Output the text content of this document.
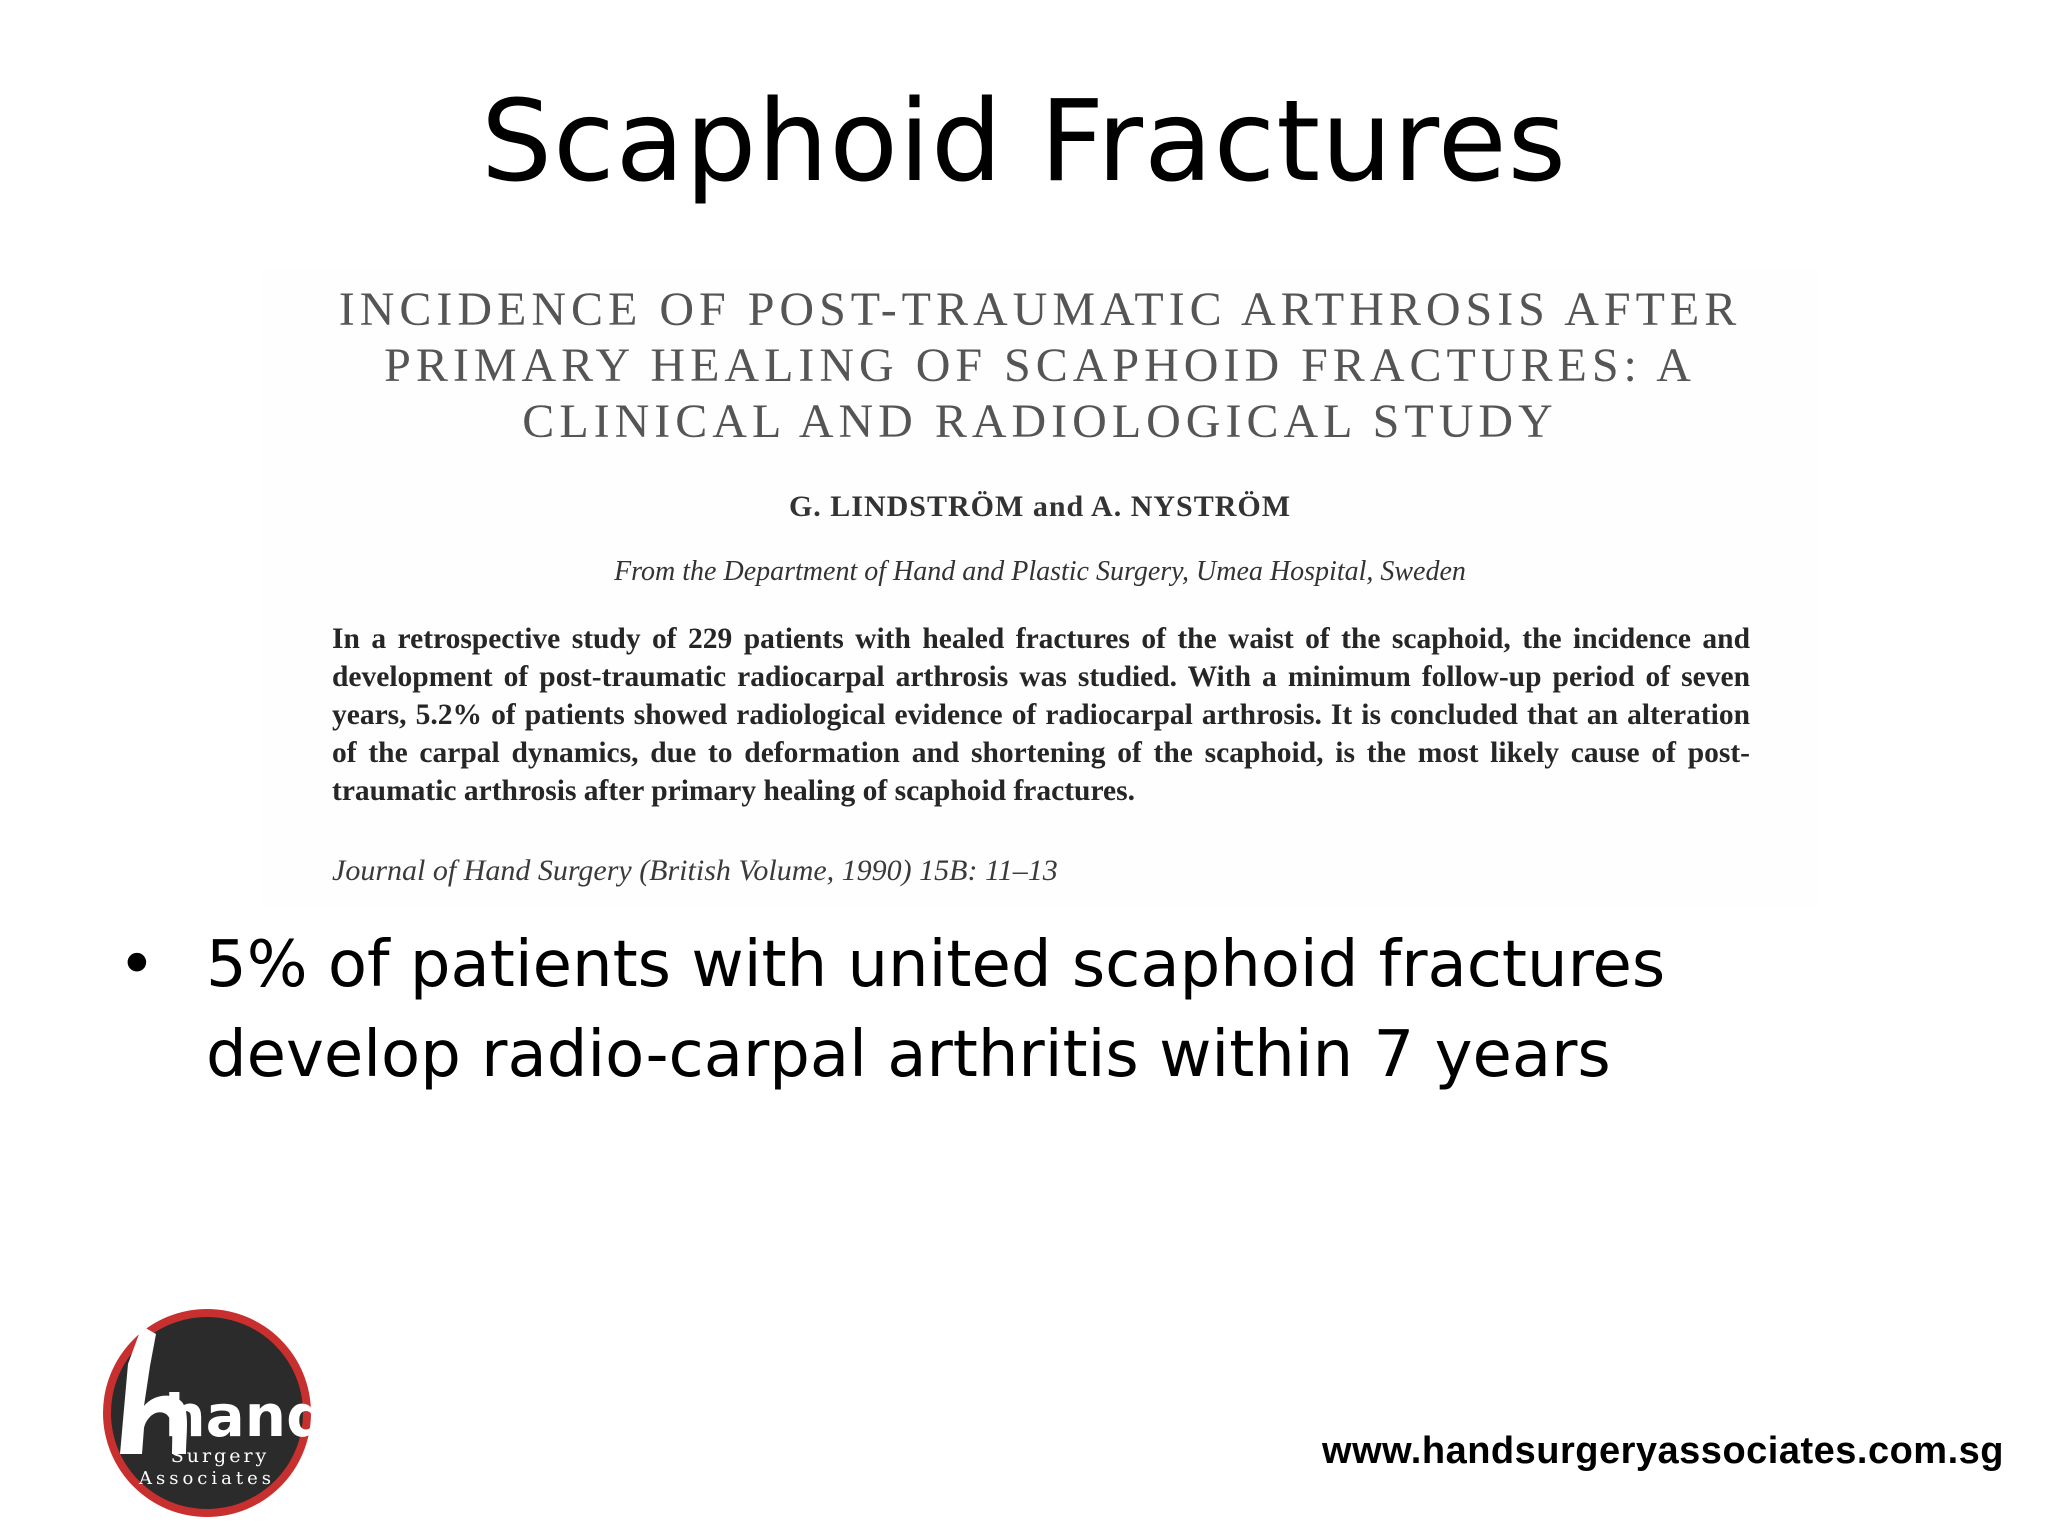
Scaphoid Fractures
INCIDENCE OF POST-TRAUMATIC ARTHROSIS AFTER
PRIMARY HEALING OF SCAPHOID FRACTURES: A
CLINICAL AND RADIOLOGICAL STUDY
G. LINDSTRÖM and A. NYSTRÖM
From the Department of Hand and Plastic Surgery, Umea Hospital, Sweden
In a retrospective study of 229 patients with healed fractures of the waist of the scaphoid, the incidence and development of post-traumatic radiocarpal arthrosis was studied. With a minimum follow-up period of seven years, 5.2% of patients showed radiological evidence of radiocarpal arthrosis. It is concluded that an alteration of the carpal dynamics, due to deformation and shortening of the scaphoid, is the most likely cause of post-traumatic arthrosis after primary healing of scaphoid fractures.
Journal of Hand Surgery (British Volume, 1990) 15B: 11–13
• 5% of patients with united scaphoid fractures develop radio-carpal arthritis within 7 years
hand
Surgery
Associates
www.handsurgeryassociates.com.sg
